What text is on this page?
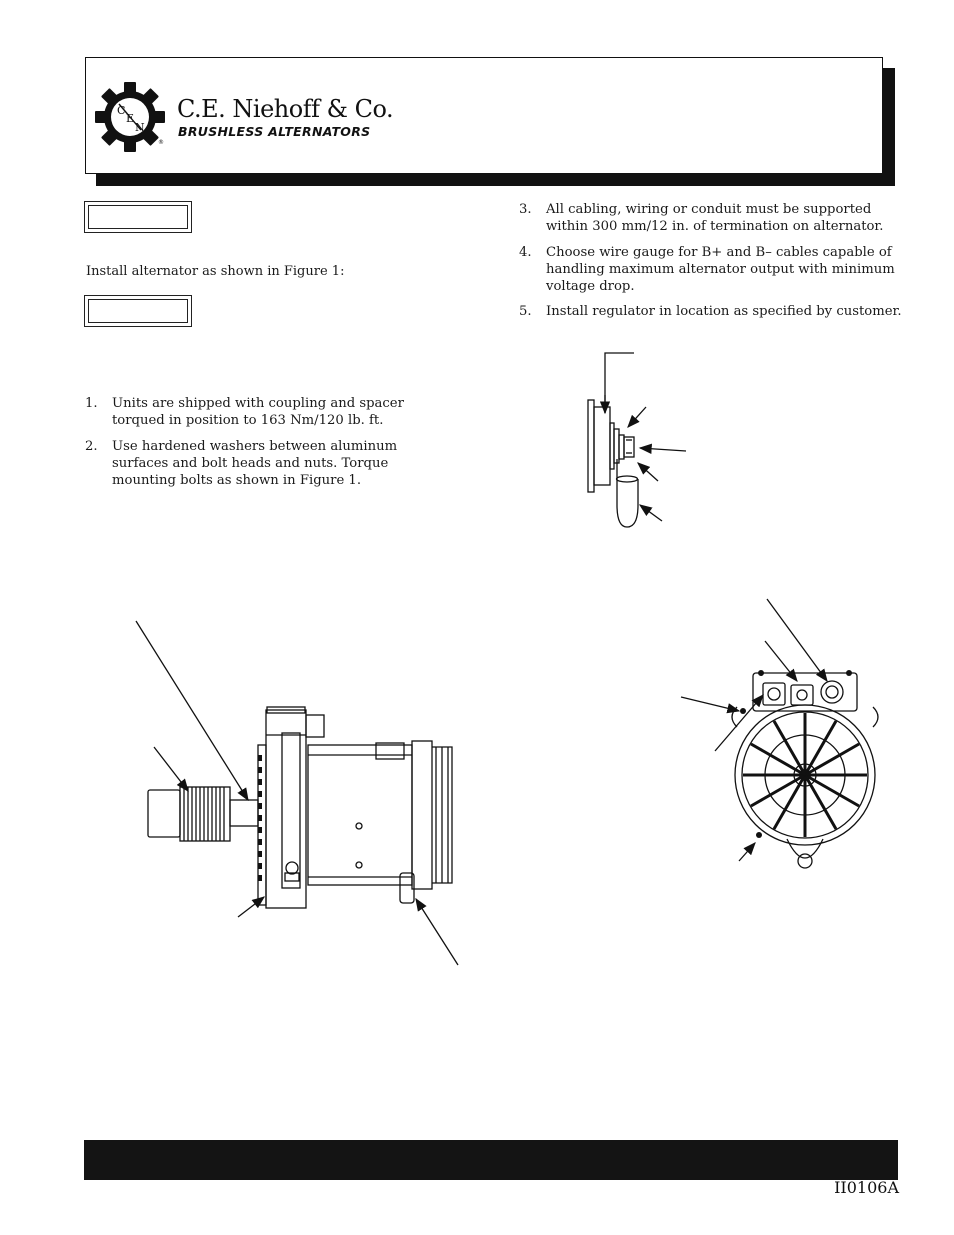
C
E
N
®
C.E. Niehoff & Co.
BRUSHLESS ALTERNATORS
Install alternator as shown in Figure 1:
1. Units are shipped with coupling and spacer torqued in position to 163 Nm/120 lb. ft.
2. Use hardened washers between aluminum surfaces and bolt heads and nuts. Torque mounting bolts as shown in Figure 1.
3. All cabling, wiring or conduit must be supported within 300 mm/12 in. of termination on alternator.
4. Choose wire gauge for B+ and B– cables capable of handling maximum alternator output with minimum voltage drop.
5. Install regulator in location as specified by customer.
II0106A
